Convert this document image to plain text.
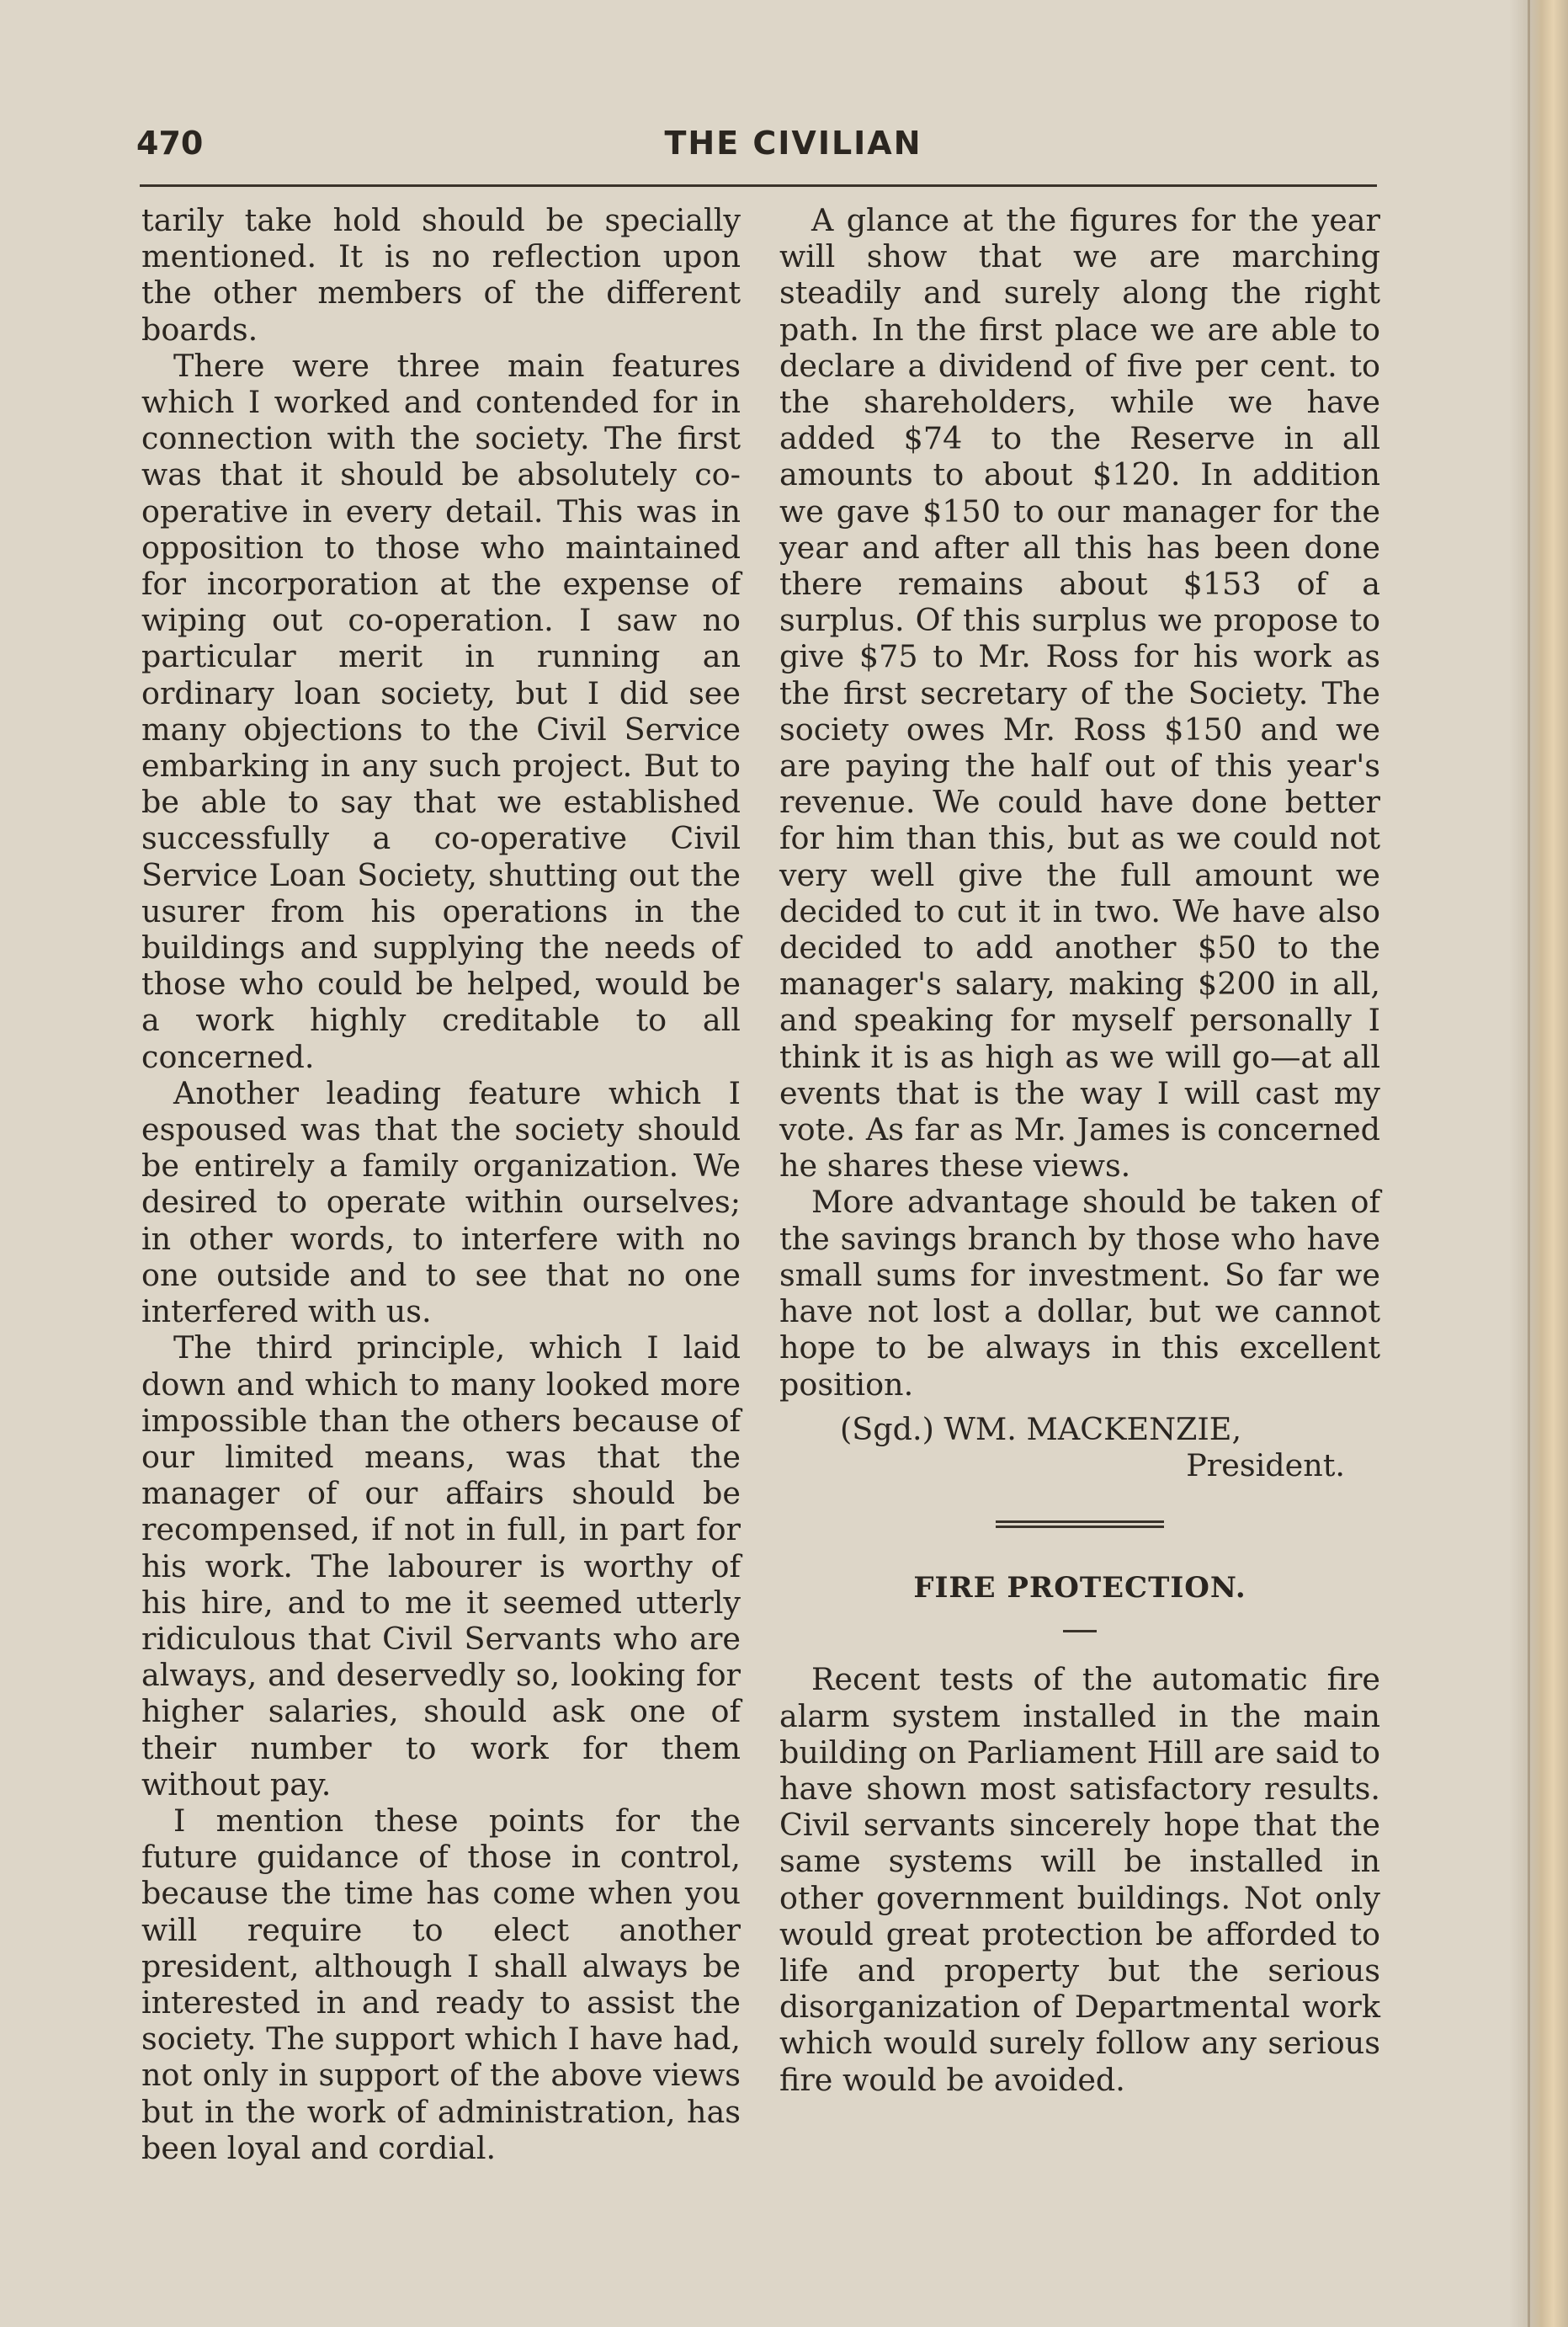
470	THE CIVILIAN

tarily take hold should be specially mentioned. It is no reflection upon the other members of the different boards.

There were three main features which I worked and contended for in connection with the society. The first was that it should be absolutely co-operative in every detail. This was in opposition to those who maintained for incorporation at the expense of wiping out co-operation. I saw no particular merit in running an ordinary loan society, but I did see many objections to the Civil Service embarking in any such project. But to be able to say that we established successfully a co-operative Civil Service Loan Society, shutting out the usurer from his operations in the buildings and supplying the needs of those who could be helped, would be a work highly creditable to all concerned.

Another leading feature which I espoused was that the society should be entirely a family organization. We desired to operate within ourselves; in other words, to interfere with no one outside and to see that no one interfered with us.

The third principle, which I laid down and which to many looked more impossible than the others because of our limited means, was that the manager of our affairs should be recompensed, if not in full, in part for his work. The labourer is worthy of his hire, and to me it seemed utterly ridiculous that Civil Servants who are always, and deservedly so, looking for higher salaries, should ask one of their number to work for them without pay.

I mention these points for the future guidance of those in control, because the time has come when you will require to elect another president, although I shall always be interested in and ready to assist the society. The support which I have had, not only in support of the above views but in the work of administration, has been loyal and cordial.

A glance at the figures for the year will show that we are marching steadily and surely along the right path. In the first place we are able to declare a dividend of five per cent. to the shareholders, while we have added $74 to the Reserve in all amounts to about $120. In addition we gave $150 to our manager for the year and after all this has been done there remains about $153 of a surplus. Of this surplus we propose to give $75 to Mr. Ross for his work as the first secretary of the Society. The society owes Mr. Ross $150 and we are paying the half out of this year's revenue. We could have done better for him than this, but as we could not very well give the full amount we decided to cut it in two. We have also decided to add another $50 to the manager's salary, making $200 in all, and speaking for myself personally I think it is as high as we will go—at all events that is the way I will cast my vote. As far as Mr. James is concerned he shares these views.

More advantage should be taken of the savings branch by those who have small sums for investment. So far we have not lost a dollar, but we cannot hope to be always in this excellent position.

(Sgd.) WM. MACKENZIE,
President.
FIRE PROTECTION.

Recent tests of the automatic fire alarm system installed in the main building on Parliament Hill are said to have shown most satisfactory results. Civil servants sincerely hope that the same systems will be installed in other government buildings. Not only would great protection be afforded to life and property but the serious disorganization of Departmental work which would surely follow any serious fire would be avoided.
